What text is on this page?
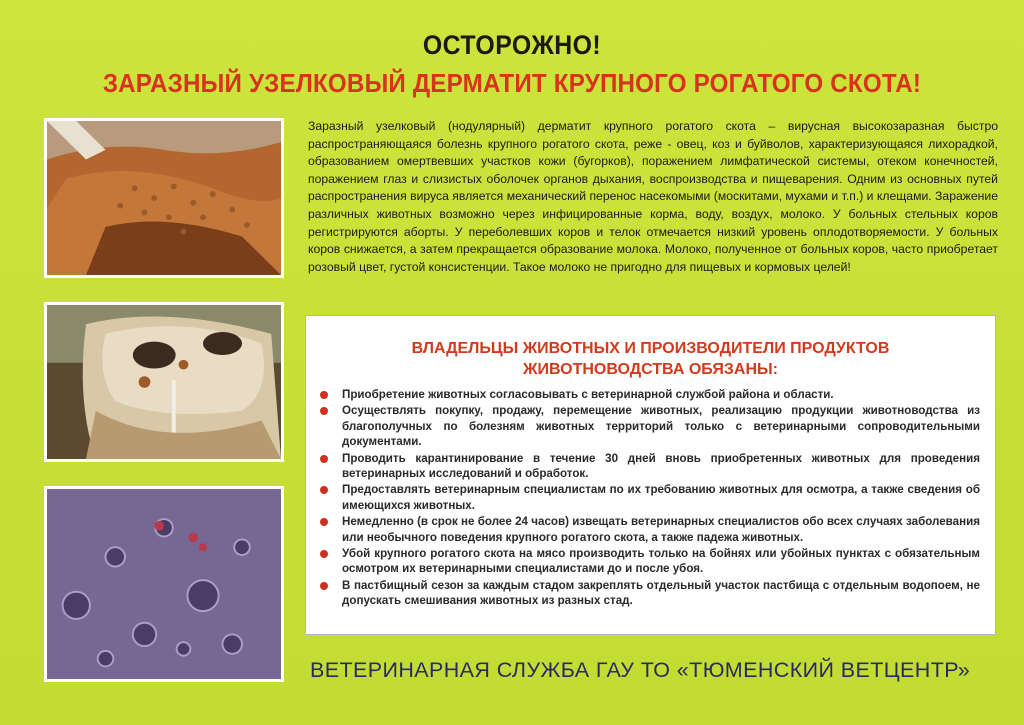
ОСТОРОЖНО!
ЗАРАЗНЫЙ УЗЕЛКОВЫЙ ДЕРМАТИТ КРУПНОГО РОГАТОГО СКОТА!
Заразный узелковый (нодулярный) дерматит крупного рогатого скота – вирусная высокозаразная быстро распространяющаяся болезнь крупного рогатого скота, реже - овец, коз и буйволов, характеризующаяся лихорадкой, образованием омертвевших участков кожи (бугорков), поражением лимфатической системы, отеком конечностей, поражением глаз и слизистых оболочек органов дыхания, воспроизводства и пищеварения. Одним из основных путей распространения вируса является механический перенос насекомыми (москитами, мухами и т.п.) и клещами. Заражение различных животных возможно через инфицированные корма, воду, воздух, молоко. У больных стельных коров регистрируются аборты. У переболевших коров и телок отмечается низкий уровень оплодотворяемости. У больных коров снижается, а затем прекращается образование молока. Молоко, полученное от больных коров, часто приобретает розовый цвет, густой консистенции. Такое молоко не пригодно для пищевых и кормовых целей!
ВЛАДЕЛЬЦЫ ЖИВОТНЫХ И ПРОИЗВОДИТЕЛИ ПРОДУКТОВ
ЖИВОТНОВОДСТВА ОБЯЗАНЫ:
Приобретение животных согласовывать с ветеринарной службой района и области.
Осуществлять покупку, продажу, перемещение животных, реализацию продукции животноводства из благополучных по болезням животных территорий только с ветеринарными сопроводительными документами.
Проводить карантинирование в течение 30 дней вновь приобретенных животных для проведения ветеринарных исследований и обработок.
Предоставлять ветеринарным специалистам по их требованию животных для осмотра, а также сведения об имеющихся животных.
Немедленно (в срок не более 24 часов) извещать ветеринарных специалистов обо всех случаях заболевания или необычного поведения крупного рогатого скота, а также падежа животных.
Убой крупного рогатого скота на мясо производить только на бойнях или убойных пунктах с обязательным осмотром их ветеринарными специалистами до и после убоя.
В пастбищный сезон за каждым стадом закреплять отдельный участок пастбища с отдельным водопоем, не допускать смешивания животных из разных стад.
ВЕТЕРИНАРНАЯ СЛУЖБА ГАУ ТО «ТЮМЕНСКИЙ ВЕТЦЕНТР»
